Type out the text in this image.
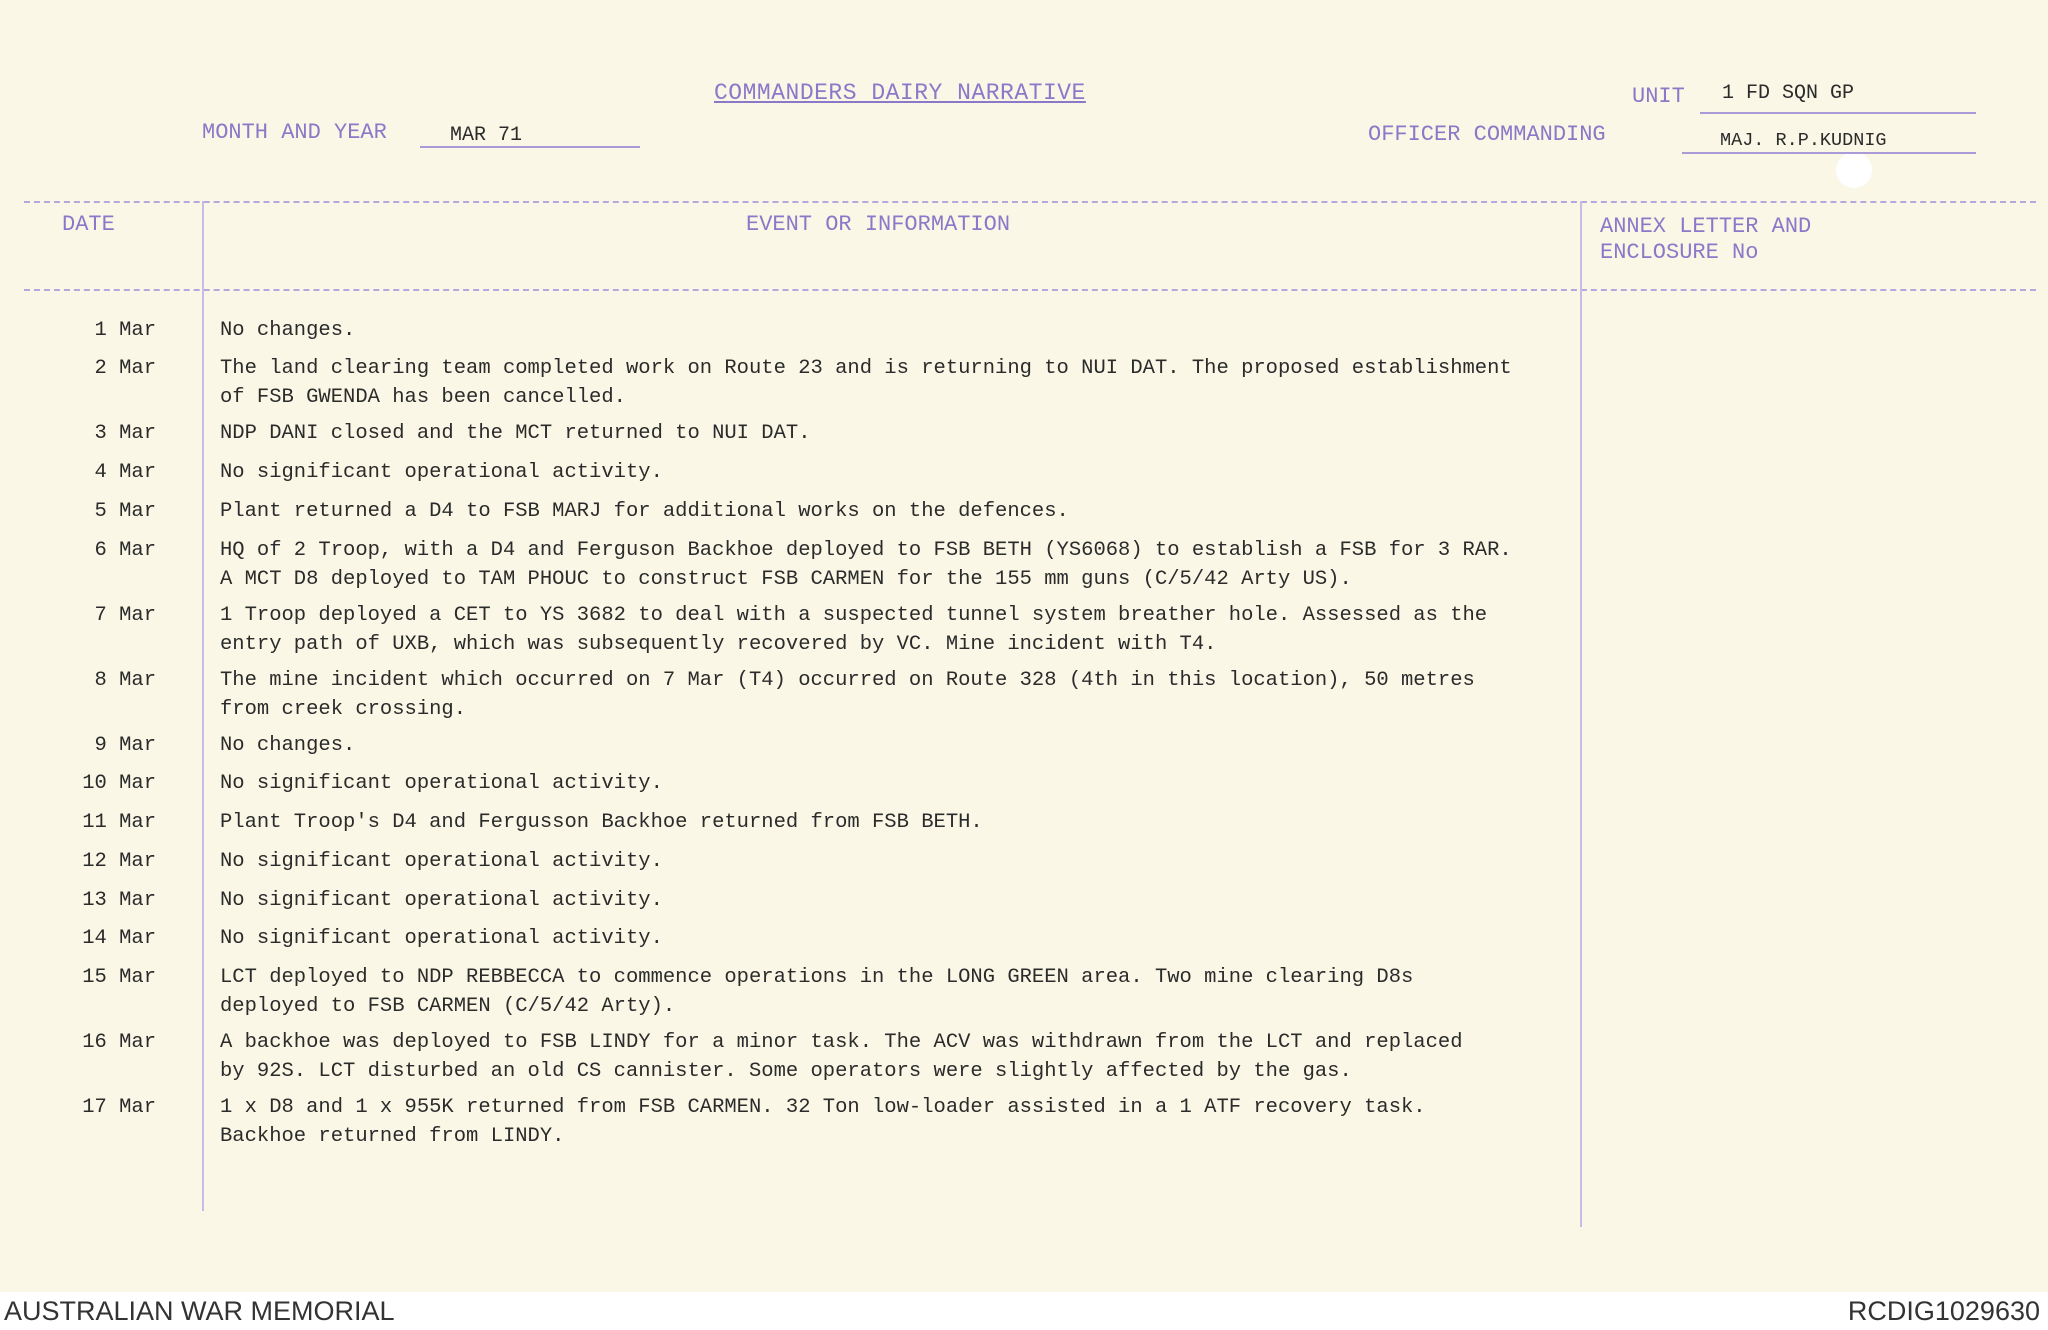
COMMANDERS DAIRY NARRATIVE
MONTH AND YEAR	MAR 71
UNIT 1 FD SQN GP
OFFICER COMMANDING	MAJ. R.P.KUDNIG
DATE	EVENT OR INFORMATION	ANNEX LETTER AND
ENCLOSURE No
1 Mar	No changes.
2 Mar	The land clearing team completed work on Route 23 and is returning to NUI DAT. The proposed establishment
of FSB GWENDA has been cancelled.
3 Mar	NDP DANI closed and the MCT returned to NUI DAT.
4 Mar	No significant operational activity.
5 Mar	Plant returned a D4 to FSB MARJ for additional works on the defences.
6 Mar	HQ of 2 Troop, with a D4 and Ferguson Backhoe deployed to FSB BETH (YS6068) to establish a FSB for 3 RAR.
A MCT D8 deployed to TAM PHOUC to construct FSB CARMEN for the 155 mm guns (C/5/42 Arty US).
7 Mar	1 Troop deployed a CET to YS 3682 to deal with a suspected tunnel system breather hole. Assessed as the
entry path of UXB, which was subsequently recovered by VC. Mine incident with T4.
8 Mar	The mine incident which occurred on 7 Mar (T4) occurred on Route 328 (4th in this location), 50 metres
from creek crossing.
9 Mar	No changes.
10 Mar	No significant operational activity.
11 Mar	Plant Troop's D4 and Fergusson Backhoe returned from FSB BETH.
12 Mar	No significant operational activity.
13 Mar	No significant operational activity.
14 Mar	No significant operational activity.
15 Mar	LCT deployed to NDP REBBECCA to commence operations in the LONG GREEN area. Two mine clearing D8s
deployed to FSB CARMEN (C/5/42 Arty).
16 Mar	A backhoe was deployed to FSB LINDY for a minor task. The ACV was withdrawn from the LCT and replaced
by 92S. LCT disturbed an old CS cannister. Some operators were slightly affected by the gas.
17 Mar	1 x D8 and 1 x 955K returned from FSB CARMEN. 32 Ton low-loader assisted in a 1 ATF recovery task.
Backhoe returned from LINDY.
AUSTRALIAN WAR MEMORIAL	RCDIG1029630
